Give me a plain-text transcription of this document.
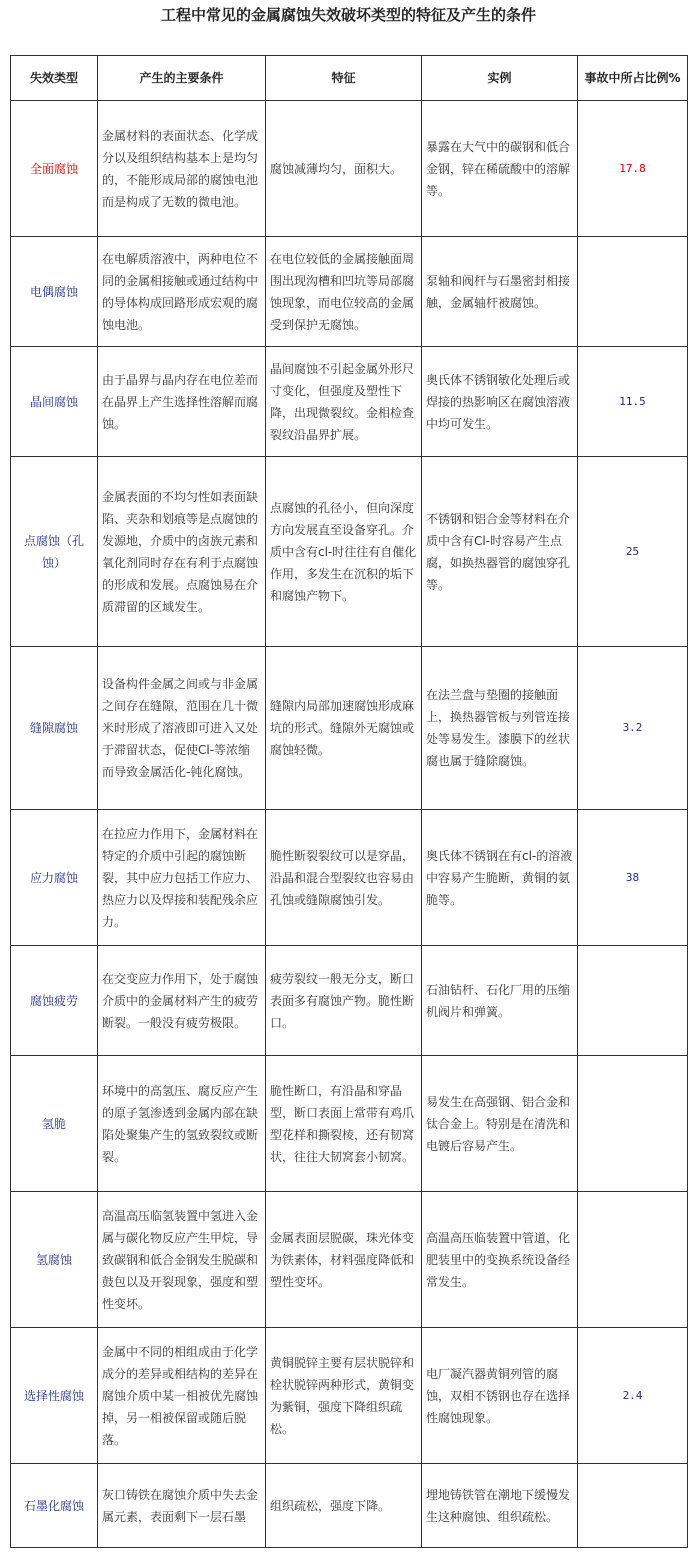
工程中常见的金属腐蚀失效破坏类型的特征及产生的条件
失效类型	产生的主要条件	特征	实例	事故中所占比例%
全面腐蚀	金属材料的表面状态、化学成分以及组织结构基本上是均匀的，不能形成局部的腐蚀电池而是构成了无数的微电池。	腐蚀减薄均匀，面积大。	暴露在大气中的碳钢和低合金钢，锌在稀硫酸中的溶解等。	17.8
电偶腐蚀	在电解质溶液中，两种电位不同的金属相接触或通过结构中的导体构成回路形成宏观的腐蚀电池。	在电位较低的金属接触面周围出现沟槽和凹坑等局部腐蚀现象，而电位较高的金属受到保护无腐蚀。	泵轴和阀杆与石墨密封相接触，金属轴杆被腐蚀。	
晶间腐蚀	由于晶界与晶内存在电位差而在晶界上产生选择性溶解而腐蚀。	晶间腐蚀不引起金属外形尺寸变化，但强度及塑性下降，出现微裂纹。金相检查裂纹沿晶界扩展。	奥氏体不锈钢敏化处理后或焊接的热影响区在腐蚀溶液中均可发生。	11.5
点腐蚀（孔蚀）	金属表面的不均匀性如表面缺陷、夹杂和划痕等是点腐蚀的发源地，介质中的卤族元素和氧化剂同时存在有利于点腐蚀的形成和发展。点腐蚀易在介质滞留的区域发生。	点腐蚀的孔径小，但向深度方向发展直至设备穿孔。介质中含有cl-时往往有自催化作用，多发生在沉积的垢下和腐蚀产物下。	不锈钢和铝合金等材料在介质中含有Cl-时容易产生点腐，如换热器管的腐蚀穿孔等。	25
缝隙腐蚀	设备构件金属之间或与非金属之间存在缝隙，范围在几十微米时形成了溶液即可进入又处于滞留状态，促使Cl-等浓缩而导致金属活化-钝化腐蚀。	缝隙内局部加速腐蚀形成麻坑的形式。缝隙外无腐蚀或腐蚀轻微。	在法兰盘与垫圈的接触面上，换热器管板与列管连接处等易发生。漆膜下的丝状腐也属于缝除腐蚀。	3.2
应力腐蚀	在拉应力作用下，金属材料在特定的介质中引起的腐蚀断裂，其中应力包括工作应力、热应力以及焊接和装配残余应力。	脆性断裂裂纹可以是穿晶，沿晶和混合型裂纹也容易由孔蚀或缝隙腐蚀引发。	奥氏体不锈钢在有cl-的溶液中容易产生脆断，黄铜的氨脆等。	38
腐蚀疲劳	在交变应力作用下，处于腐蚀介质中的金属材料产生的疲劳断裂。一般没有疲劳极限。	疲劳裂纹一般无分支，断口表面多有腐蚀产物。脆性断口。	石油钻杆、石化厂用的压缩机阀片和弹簧。	
氢脆	环境中的高氢压、腐反应产生的原子氢渗透到金属内部在缺陷处聚集产生的氢致裂纹或断裂。	脆性断口，有沿晶和穿晶型，断口表面上常带有鸡爪型花样和撕裂棱，还有韧窝状，往往大韧窝套小韧窝。	易发生在高强钢、铝合金和钛合金上。特别是在清洗和电镀后容易产生。	
氢腐蚀	高温高压临氢装置中氢进入金属与碳化物反应产生甲烷，导致碳钢和低合金钢发生脱碳和鼓包以及开裂现象，强度和塑性变坏。	金属表面层脱碳，珠光体变为铁素体，材料强度降低和塑性变坏。	高温高压临装置中管道，化肥装里中的变换系统设备经常发生。	
选择性腐蚀	金属中不同的相组成由于化学成分的差异或相结构的差异在腐蚀介质中某一相被优先腐蚀掉，另一相被保留或随后脱落。	黄铜脱锌主要有层状脱锌和栓状脱锌两种形式，黄铜变为紫铜，强度下降组织疏松。	电厂凝汽器黄铜列管的腐蚀，双相不锈钢也存在选择性腐蚀现象。	2.4
石墨化腐蚀	灰口铸铁在腐蚀介质中失去金属元素，表面剩下一层石墨	组织疏松，强度下降。	埋地铸铁管在潮地下缓慢发生这种腐蚀、组织疏松。	
